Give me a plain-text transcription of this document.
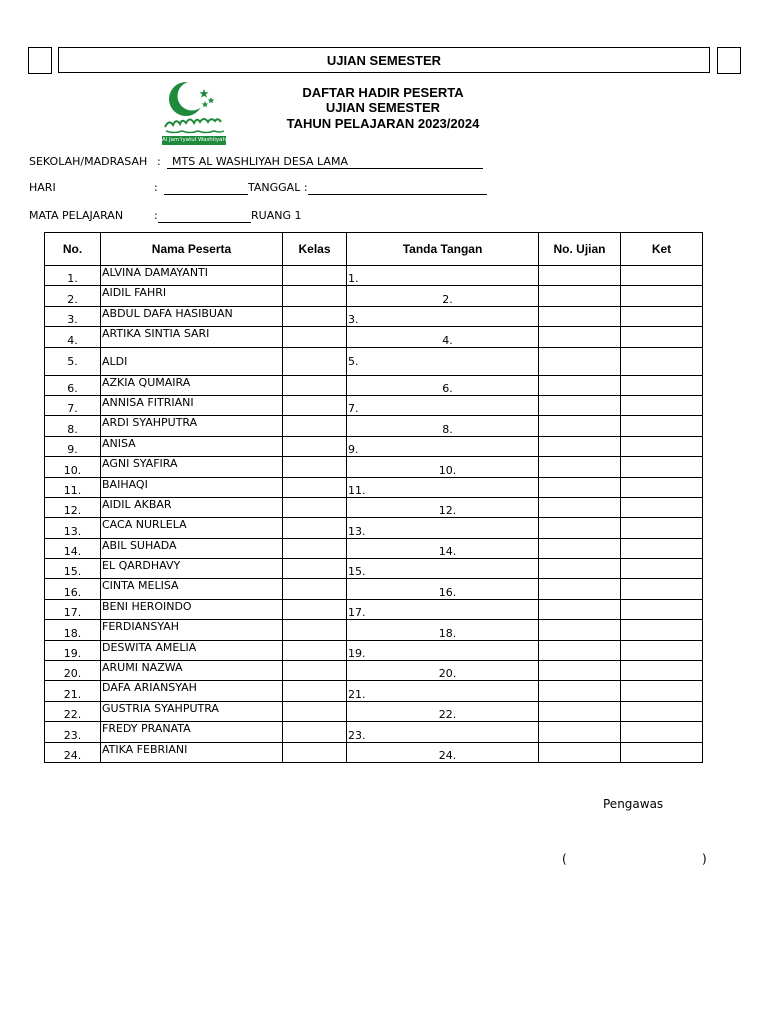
UJIAN SEMESTER
Al Jam'iyatul Washliyah
DAFTAR HADIR PESERTA
UJIAN SEMESTER
TAHUN PELAJARAN 2023/2024
SEKOLAH/MADRASAH :	MTS AL WASHLIYAH DESA LAMA
HARI	:	TANGGAL :
MATA PELAJARAN	:	RUANG 1
No.	Nama Peserta	Kelas	Tanda Tangan	No. Ujian	Ket
1.	ALVINA DAMAYANTI		1.		
2.	AIDIL FAHRI		2.		
3.	ABDUL DAFA HASIBUAN		3.		
4.	ARTIKA SINTIA SARI		4.		
5.	ALDI		5.		
6.	AZKIA QUMAIRA		6.		
7.	ANNISA FITRIANI		7.		
8.	ARDI SYAHPUTRA		8.		
9.	ANISA		9.		
10.	AGNI SYAFIRA		10.		
11.	BAIHAQI		11.		
12.	AIDIL AKBAR		12.		
13.	CACA NURLELA		13.		
14.	ABIL SUHADA		14.		
15.	EL QARDHAVY		15.		
16.	CINTA MELISA		16.		
17.	BENI HEROINDO		17.		
18.	FERDIANSYAH		18.		
19.	DESWITA AMELIA		19.		
20.	ARUMI NAZWA		20.		
21.	DAFA ARIANSYAH		21.		
22.	GUSTRIA SYAHPUTRA		22.		
23.	FREDY PRANATA		23.		
24.	ATIKA FEBRIANI		24.		
Pengawas
(	)
